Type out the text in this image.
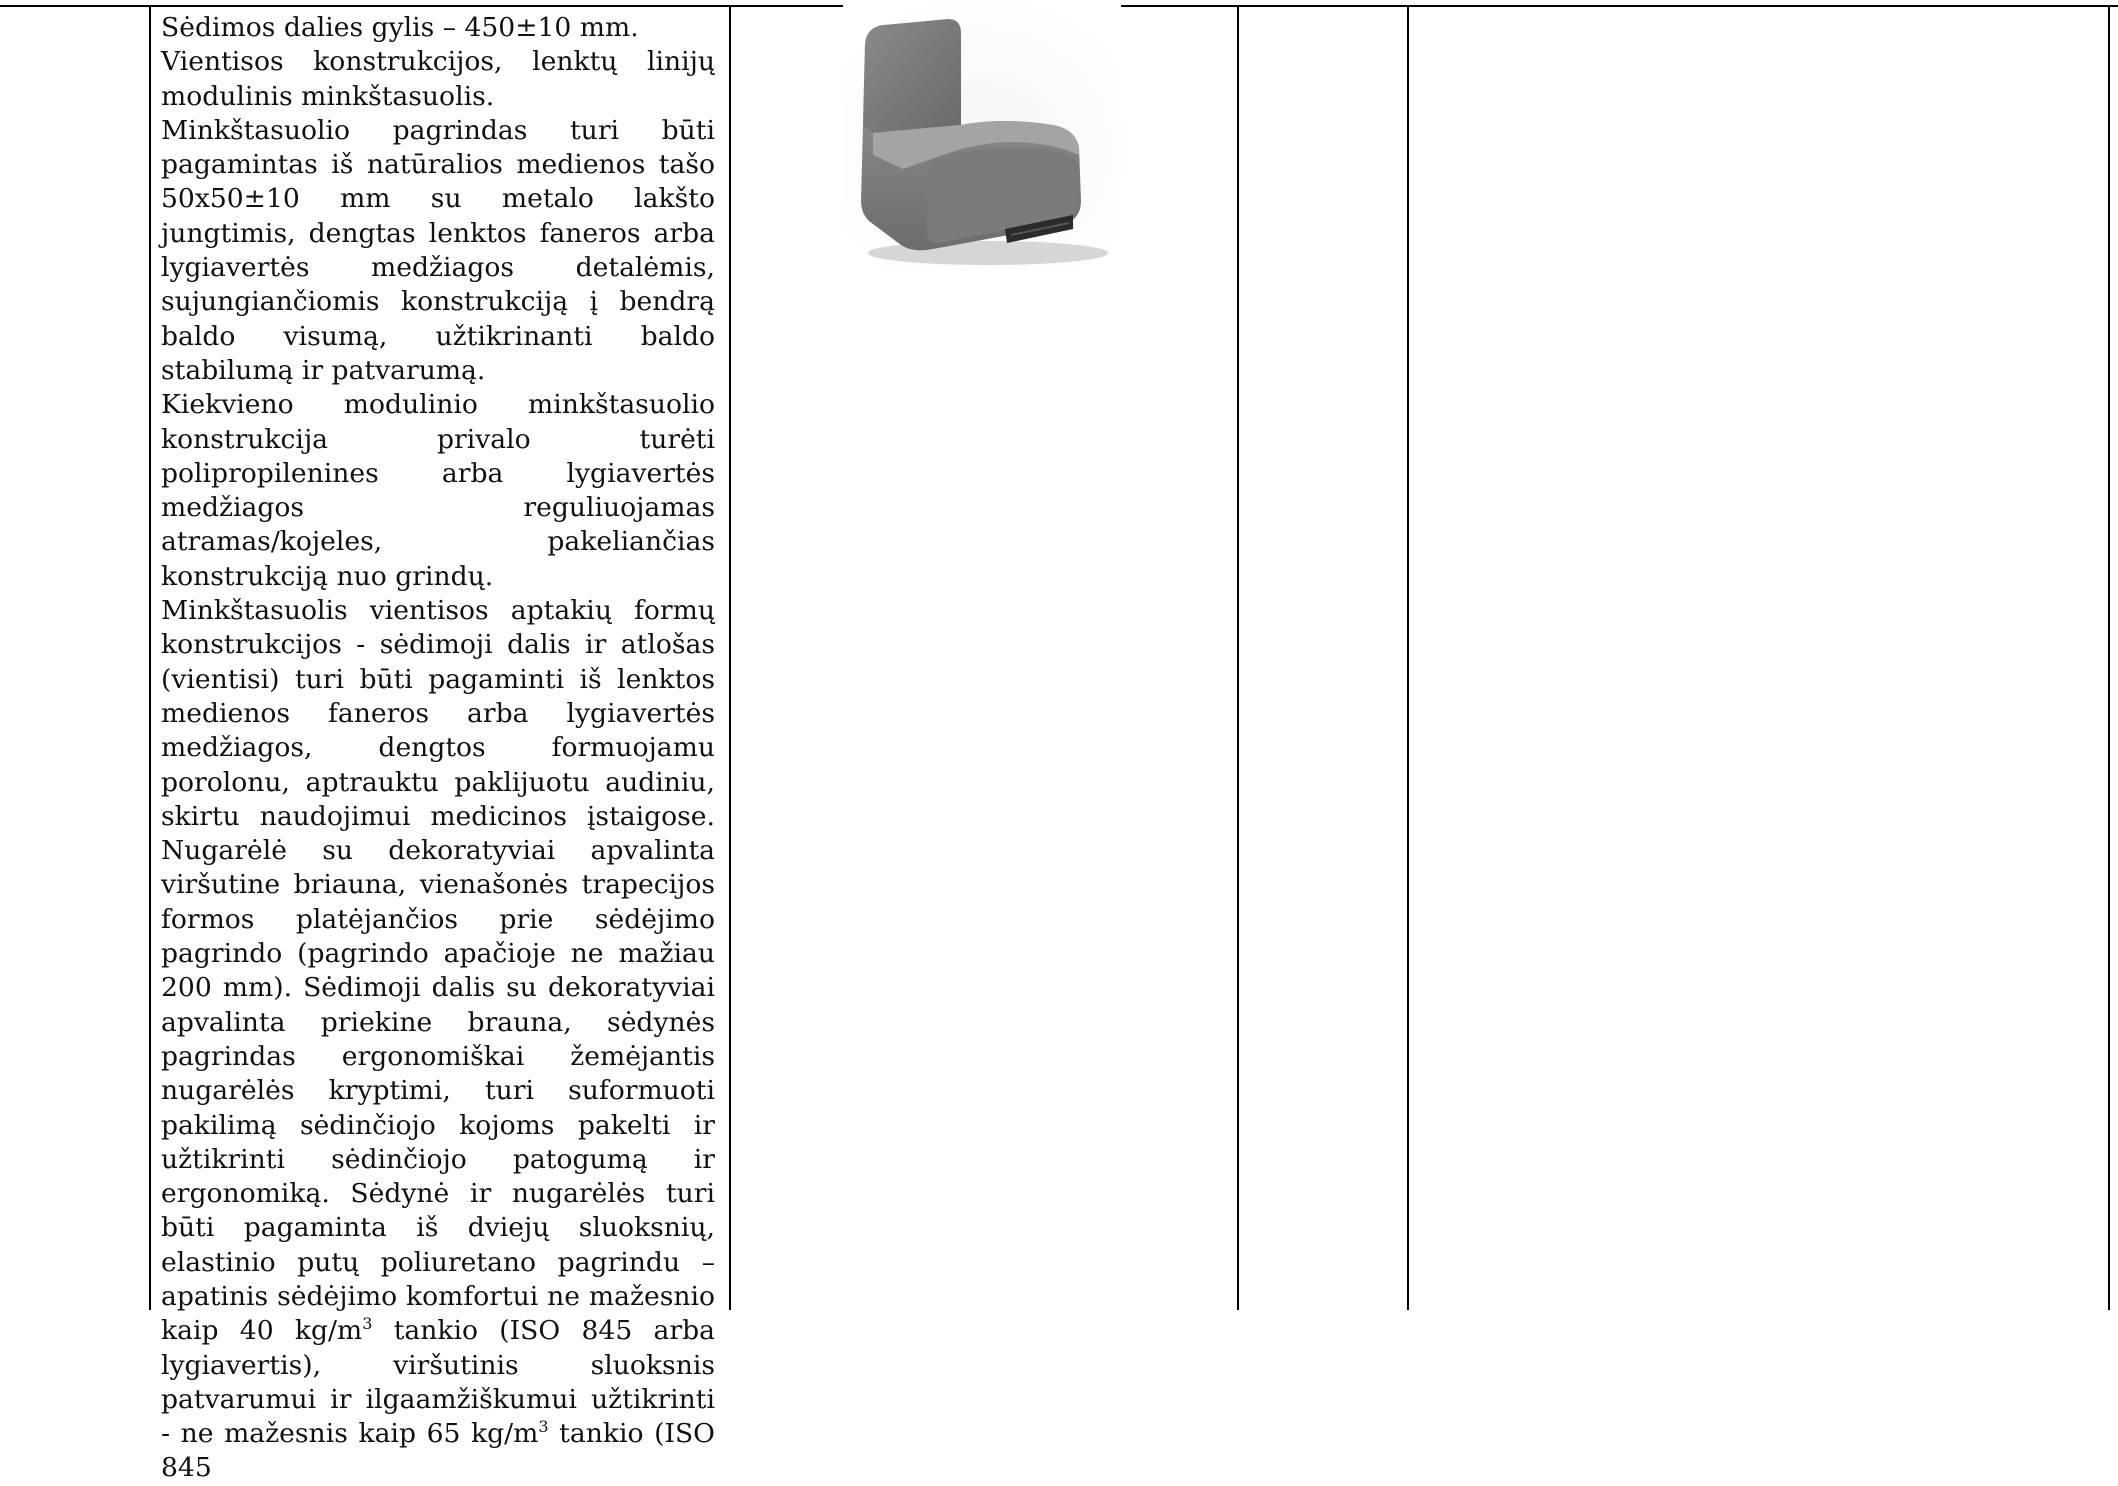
Sėdimos dalies gylis – 450±10 mm.

Vientisos konstrukcijos, lenktų linijų modulinis minkštasuolis.

Minkštasuolio pagrindas turi būti pagamintas iš natūralios medienos tašo 50x50±10 mm su metalo lakšto jungtimis, dengtas lenktos faneros arba lygiavertės medžiagos detalėmis, sujungiančiomis konstrukciją į bendrą baldo visumą, užtikrinanti baldo stabilumą ir patvarumą.

Kiekvieno modulinio minkštasuolio konstrukcija privalo turėti polipropilenines arba lygiavertės medžiagos reguliuojamas atramas/kojeles, pakeliančias konstrukciją nuo grindų.

Minkštasuolis vientisos aptakių formų konstrukcijos - sėdimoji dalis ir atlošas (vientisi) turi būti pagaminti iš lenktos medienos faneros arba lygiavertės medžiagos, dengtos formuojamu porolonu, aptrauktu paklijuotu audiniu, skirtu naudojimui medicinos įstaigose. Nugarėlė su dekoratyviai apvalinta viršutine briauna, vienašonės trapecijos formos platėjančios prie sėdėjimo pagrindo (pagrindo apačioje ne mažiau 200 mm). Sėdimoji dalis su dekoratyviai apvalinta priekine brauna, sėdynės pagrindas ergonomiškai žemėjantis nugarėlės kryptimi, turi suformuoti pakilimą sėdinčiojo kojoms pakelti ir užtikrinti sėdinčiojo patogumą ir ergonomiką. Sėdynė ir nugarėlės turi būti pagaminta iš dviejų sluoksnių, elastinio putų poliuretano pagrindu – apatinis sėdėjimo komfortui ne mažesnio kaip 40 $kg/m^3$ tankio (ISO 845 arba lygiavertis), viršutinis sluoksnis patvarumui ir ilgaamžiškumui užtikrinti - ne mažesnis kaip 65 $kg/m^3$ tankio (ISO 845
